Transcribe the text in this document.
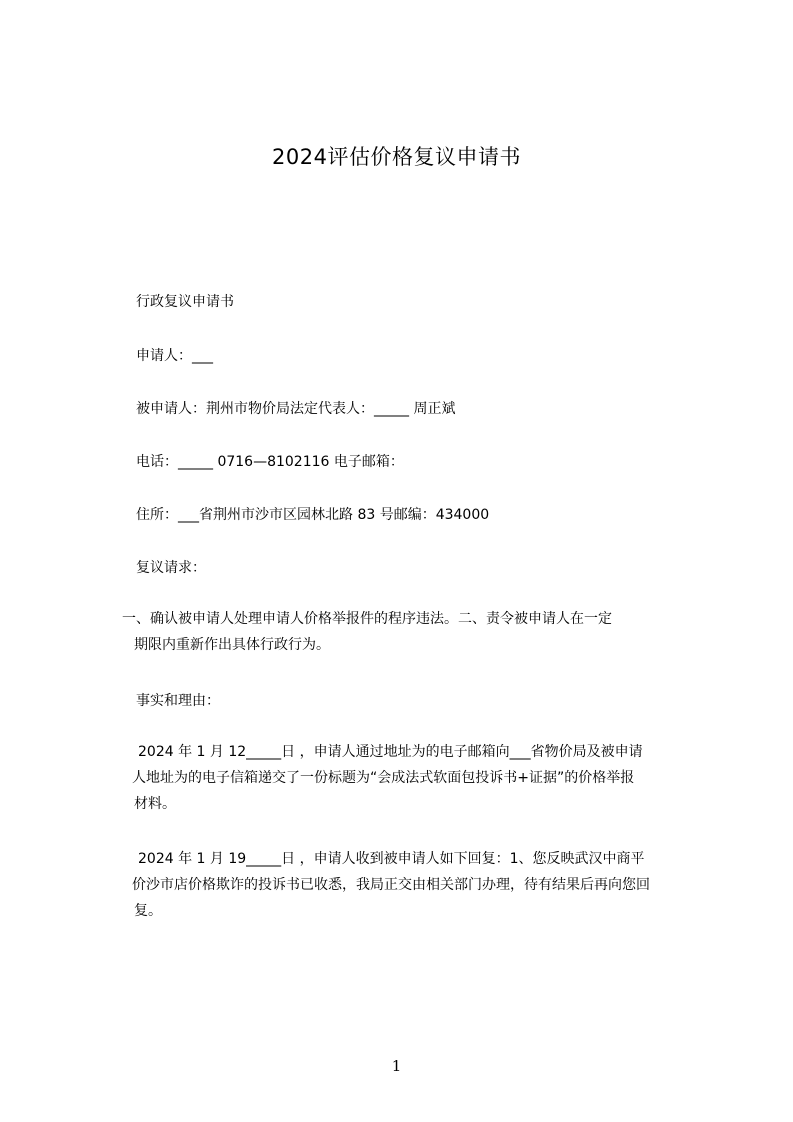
2024评估价格复议申请书
行政复议申请书
申请人：___
被申请人：荆州市物价局法定代表人：_____ 周正斌
电话：_____ 0716—8102116 电子邮箱：
住所：___省荆州市沙市区园林北路 83 号邮编：434000
复议请求：
一、确认被申请人处理申请人价格举报件的程序违法。二、责令被申请人在一定
期限内重新作出具体行政行为。
事实和理由：
2024 年 1 月 12_____日 ，申请人通过地址为的电子邮箱向___省物价局及被申请
人地址为的电子信箱递交了一份标题为“会成法式软面包投诉书+证据”的价格举报
材料。
2024 年 1 月 19_____日 ，申请人收到被申请人如下回复：1、您反映武汉中商平
价沙市店价格欺诈的投诉书已收悉，我局正交由相关部门办理，待有结果后再向您回
复。
1
